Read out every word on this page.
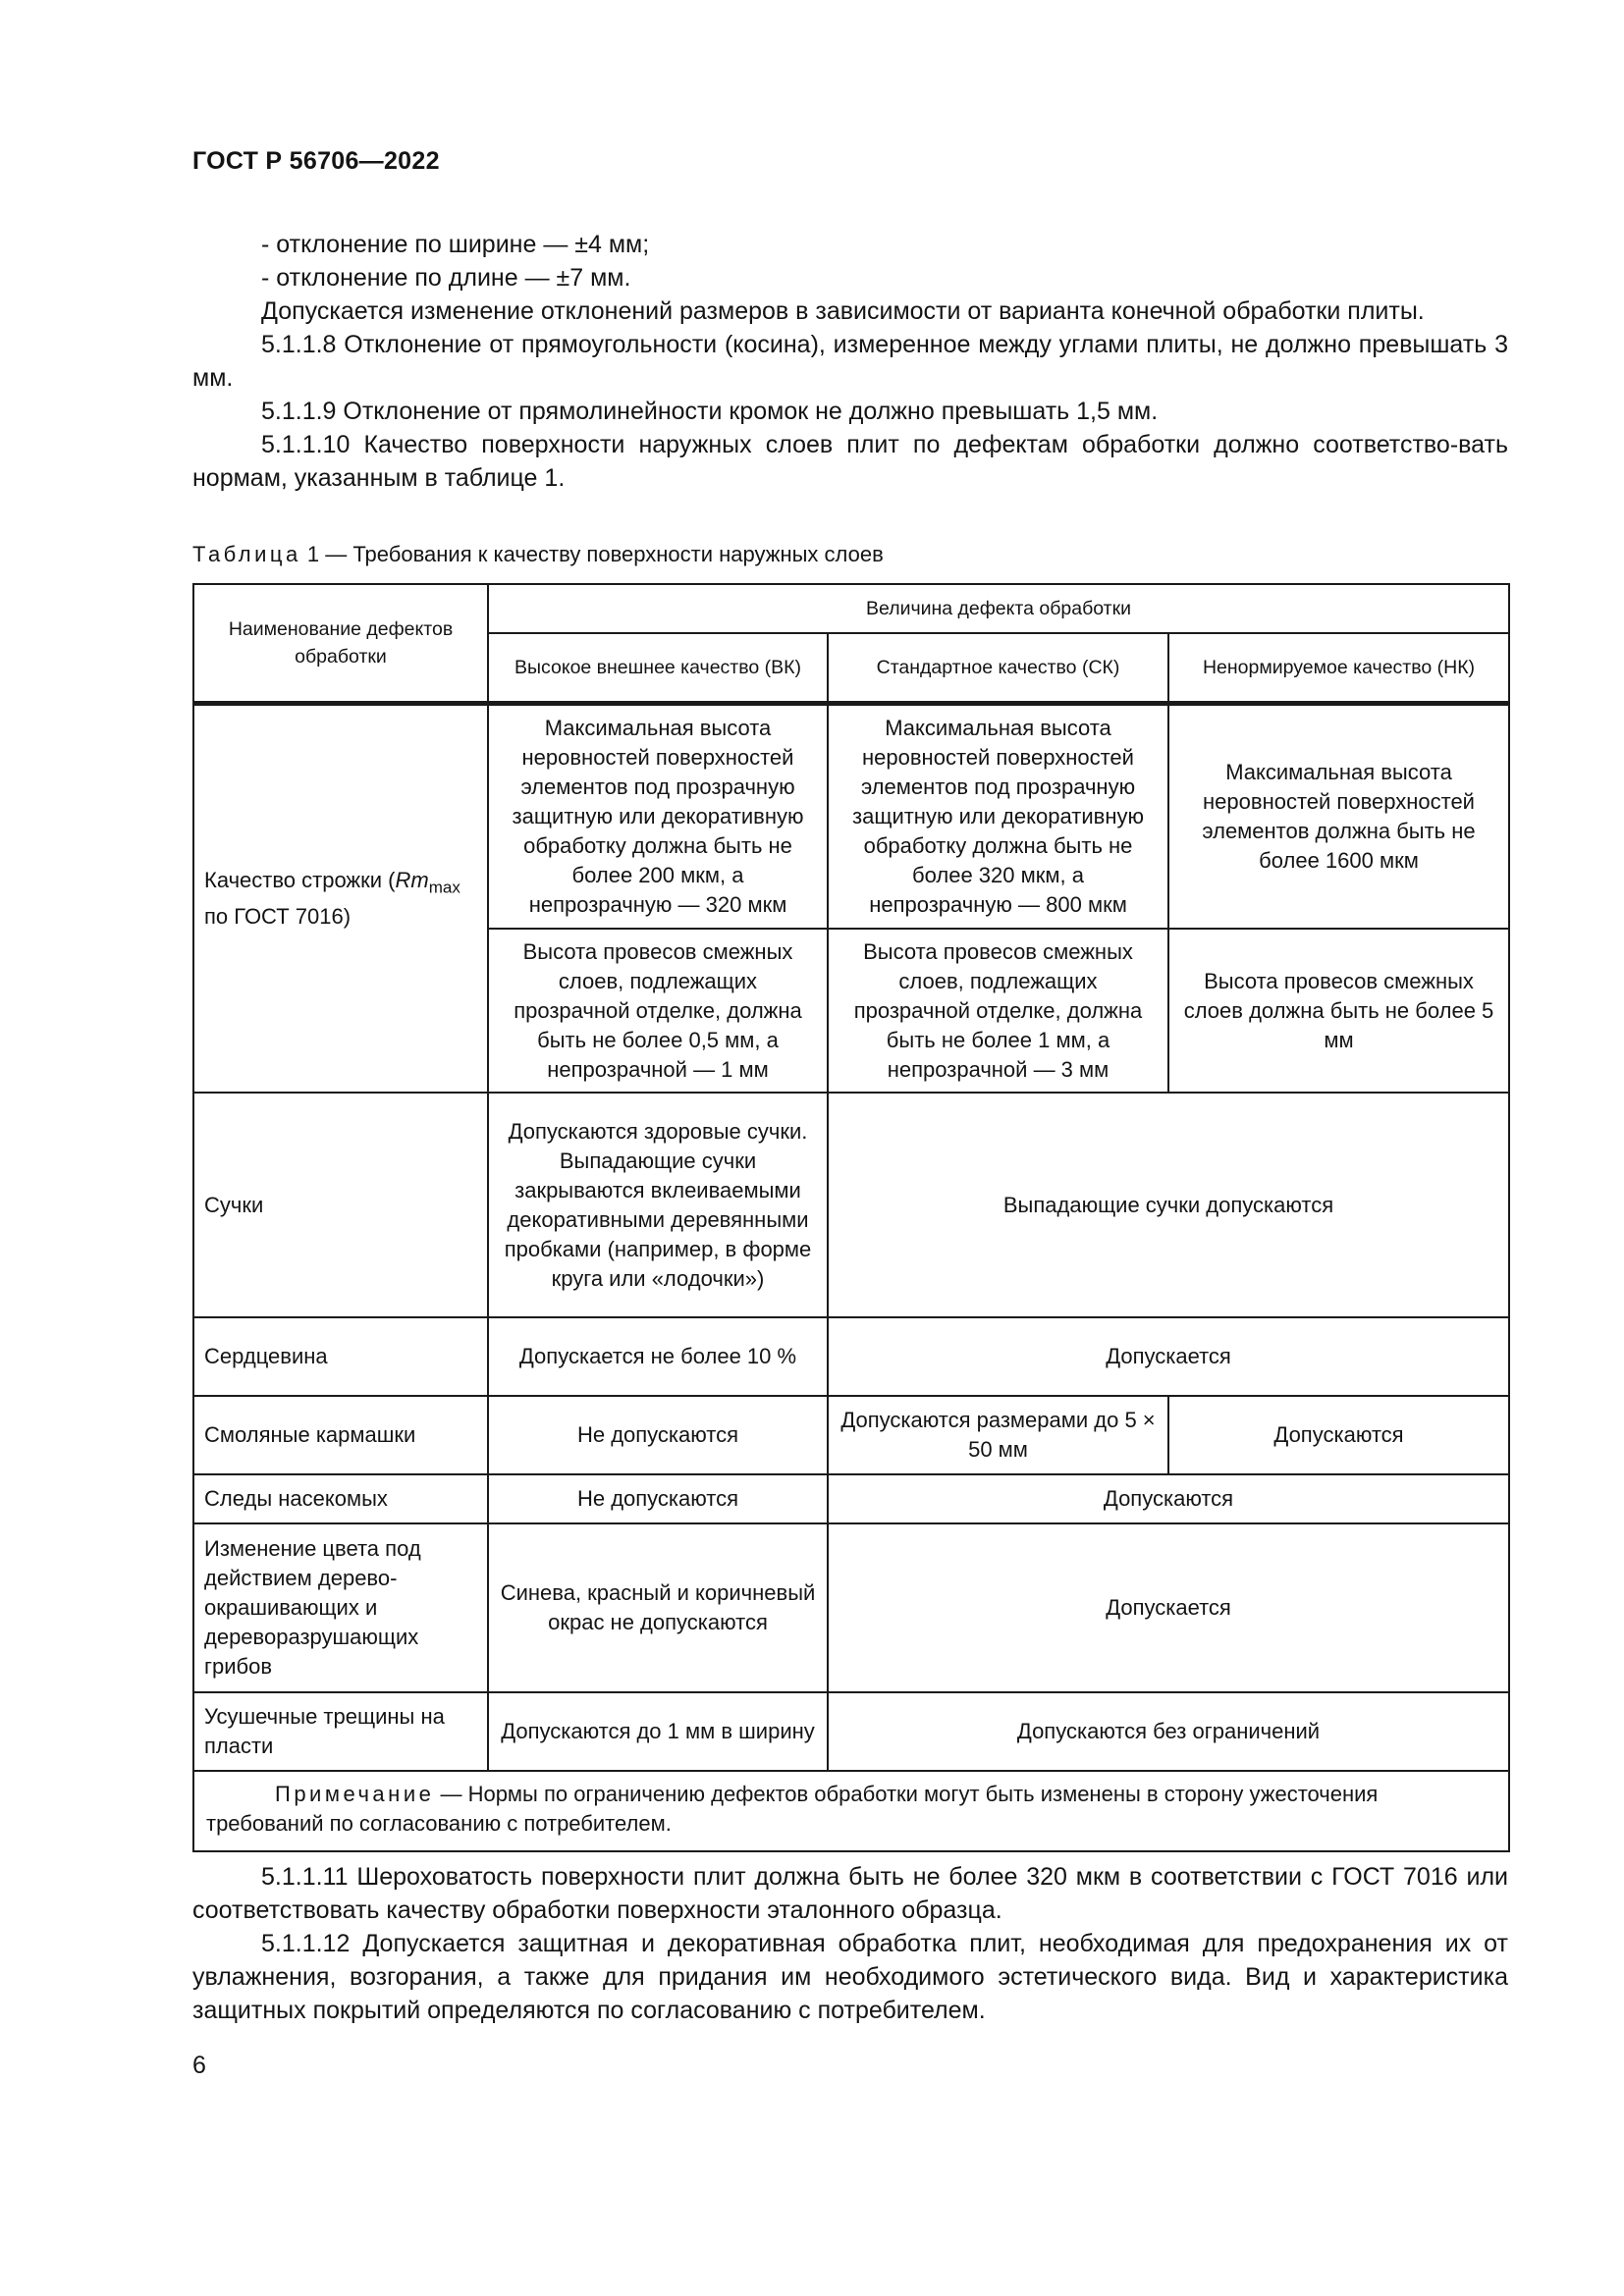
ГОСТ Р 56706—2022

- отклонение по ширине — ±4 мм;

- отклонение по длине — ±7 мм.

Допускается изменение отклонений размеров в зависимости от варианта конечной обработки плиты.

5.1.1.8 Отклонение от прямоугольности (косина), измеренное между углами плиты, не должно превышать 3 мм.

5.1.1.9 Отклонение от прямолинейности кромок не должно превышать 1,5 мм.

5.1.1.10 Качество поверхности наружных слоев плит по дефектам обработки должно соответство-вать нормам, указанным в таблице 1.

Таблица 1 — Требования к качеству поверхности наружных слоев
Наименование дефектов обработки	Величина дефекта обработки		
	Высокое внешнее качество (ВК)	Стандартное качество (СК)	Ненормируемое качество (НК)
Качество строжки ($Rm_{max}$ по ГОСТ 7016)	Максимальная высота неровностей поверхностей элементов под прозрачную защитную или декоративную обработку должна быть не более 200 мкм, а непрозрачную — 320 мкм	Максимальная высота неровностей поверхностей элементов под прозрачную защитную или декоративную обработку должна быть не более 320 мкм, а непрозрачную — 800 мкм	Максимальная высота неровностей поверхностей элементов должна быть не более 1600 мкм
	Высота провесов смежных слоев, подлежащих прозрачной отделке, должна быть не более 0,5 мм, а непрозрачной — 1 мм	Высота провесов смежных слоев, подлежащих прозрачной отделке, должна быть не более 1 мм, а непрозрачной — 3 мм	Высота провесов смежных слоев должна быть не более 5 мм
Сучки	Допускаются здоровые сучки. Выпадающие сучки закрываются вклеиваемыми декоративными деревянными пробками (например, в форме круга или «лодочки»)	Выпадающие сучки допускаются	
Сердцевина	Допускается не более 10 %	Допускается	
Смоляные кармашки	Не допускаются	Допускаются размерами до 5 × 50 мм	Допускаются
Следы насекомых	Не допускаются	Допускаются	
Изменение цвета под действием дерево-окрашивающих и дереворазрушающих грибов	Синева, красный и коричневый окрас не допускаются	Допускается	
Усушечные трещины на пласти	Допускаются до 1 мм в ширину	Допускаются без ограничений	
Примечание — Нормы по ограничению дефектов обработки могут быть изменены в сторону ужесточения требований по согласованию с потребителем.			

5.1.1.11 Шероховатость поверхности плит должна быть не более 320 мкм в соответствии с ГОСТ 7016 или соответствовать качеству обработки поверхности эталонного образца.

5.1.1.12 Допускается защитная и декоративная обработка плит, необходимая для предохранения их от увлажнения, возгорания, а также для придания им необходимого эстетического вида. Вид и характеристика защитных покрытий определяются по согласованию с потребителем.

6
